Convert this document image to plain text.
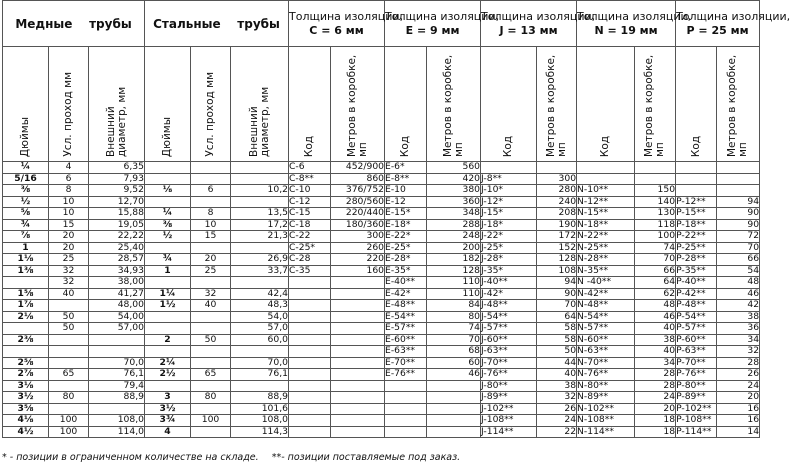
Медные    трубы			Стальные    трубы			Толщина изоляции,
C = 6 мм		Толщина изоляции,
E = 9 мм		Толщина изоляции,
J = 13 мм		Толщина изоляции,
N = 19 мм		Толщина изоляции,
P = 25 мм	

Дюймы	Усл. проход мм	Внешний диаметр, мм	Дюймы	Усл. проход мм	Внешний диаметр, мм	Код	Метров в коробке, мп	Код	Метров в коробке, мп	Код	Метров в коробке, мп	Код	Метров в коробке, мп	Код	Метров в коробке, мп
¼	4	6,35				C-6	452/900	E-6*	560						
5/16	6	7,93				C-8**	860	E-8**	420	J-8**	300				
⅜	8	9,52	⅛	6	10,2	C-10	376/752	E-10	380	J-10*	280	N-10**	150		
½	10	12,70				C-12	280/560	E-12	360	J-12*	240	N-12**	140	P-12**	94
⅝	10	15,88	¼	8	13,5	C-15	220/440	E-15*	348	J-15*	208	N-15**	130	P-15**	90
¾	15	19,05	⅜	10	17,2	C-18	180/360	E-18*	288	J-18*	190	N-18**	118	P-18**	90
⅞	20	22,22	½	15	21,3	C-22	300	E-22*	248	J-22*	172	N-22**	100	P-22**	72
1	20	25,40				C-25*	260	E-25*	200	J-25*	152	N-25**	74	P-25**	70
1⅛	25	28,57	¾	20	26,9	C-28	220	E-28*	182	J-28*	128	N-28**	70	P-28**	66
1⅜	32	34,93	1	25	33,7	C-35	160	E-35*	128	J-35*	108	N-35**	66	P-35**	54
	32	38,00						E-40**	110	J-40**	94	N -40**	64	P-40**	48
1⅝	40	41,27	1¼	32	42,4			E-42*	110	J-42*	90	N-42**	62	P-42**	46
1⅞		48,00	1½	40	48,3			E-48**	84	J-48**	70	N-48**	48	P-48**	42
2⅛	50	54,00			54,0			E-54**	80	J-54**	64	N-54**	46	P-54**	38
	50	57,00			57,0			E-57**	74	J-57**	58	N-57**	40	P-57**	36
2⅜			2	50	60,0			E-60**	70	J-60**	58	N-60**	38	P-60**	34
								E-63**	68	J-63**	50	N-63**	40	P-63**	32
2⅝		70,0	2¼		70,0			E-70**	60	J-70**	44	N-70**	34	P-70**	28
2⅞	65	76,1	2½	65	76,1			E-76**	46	J-76**	40	N-76**	28	P-76**	26
3⅛		79,4								J-80**	38	N-80**	28	P-80**	24
3½	80	88,9	3	80	88,9					J-89**	32	N-89**	24	P-89**	20
3⅝			3½		101,6					J-102**	26	N-102**	20	P-102**	16
4⅛	100	108,0	3¾	100	108,0					J-108**	24	N-108**	18	P-108**	16
4½	100	114,0	4		114,3					J-114**	22	N-114**	18	P-114**	14
* - позиции в ограниченном количестве на складе. **- позиции поставляемые под заказ.
